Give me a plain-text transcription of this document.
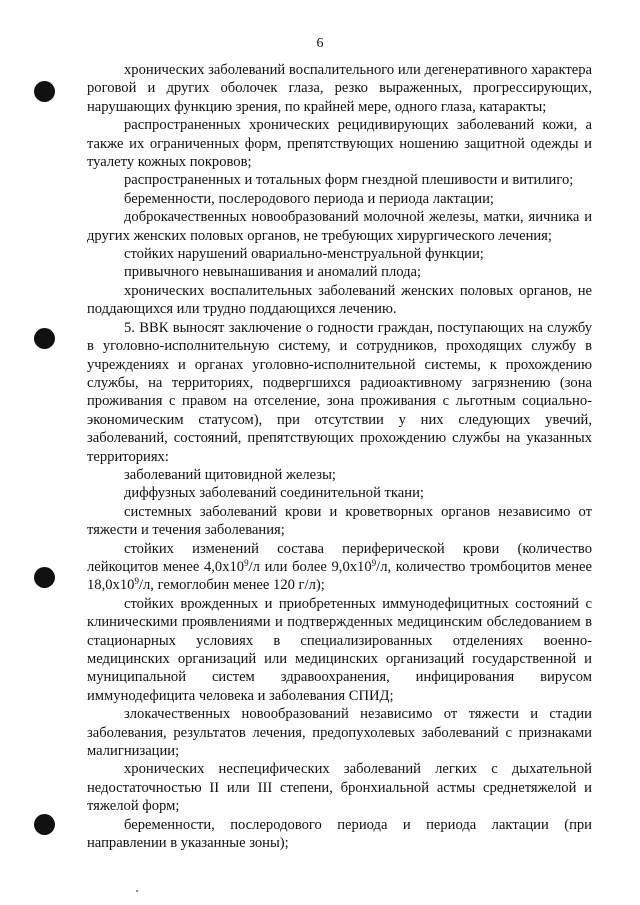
6

хронических заболеваний воспалительного или дегенеративного характера роговой и других оболочек глаза, резко выраженных, прогрессирующих, нарушающих функцию зрения, по крайней мере, одного глаза, катаракты;

распространенных хронических рецидивирующих заболеваний кожи, а также их ограниченных форм, препятствующих ношению защитной одежды и туалету кожных покровов;

распространенных и тотальных форм гнездной плешивости и витилиго;

беременности, послеродового периода и периода лактации;

доброкачественных новообразований молочной железы, матки, яичника и других женских половых органов, не требующих хирургического лечения;

стойких нарушений овариально-менструальной функции;

привычного невынашивания и аномалий плода;

хронических воспалительных заболеваний женских половых органов, не поддающихся или трудно поддающихся лечению.

5. ВВК выносят заключение о годности граждан, поступающих на службу в уголовно-исполнительную систему, и сотрудников, проходящих службу в учреждениях и органах уголовно-исполнительной системы, к прохождению службы, на территориях, подвергшихся радиоактивному загрязнению (зона проживания с правом на отселение, зона проживания с льготным социально-экономическим статусом), при отсутствии у них следующих увечий, заболеваний, состояний, препятствующих прохождению службы на указанных территориях:

заболеваний щитовидной железы;

диффузных заболеваний соединительной ткани;

системных заболеваний крови и кроветворных органов независимо от тяжести и течения заболевания;

стойких изменений состава периферической крови (количество лейкоцитов менее $4,0x10^9/л$ или более $9,0x10^9/л$, количество тромбоцитов менее $18,0x10^9/л$, гемоглобин менее 120 г/л);

стойких врожденных и приобретенных иммунодефицитных состояний с клиническими проявлениями и подтвержденных медицинским обследованием в стационарных условиях в специализированных отделениях военно-медицинских организаций или медицинских организаций государственной и муниципальной систем здравоохранения, инфицирования вирусом иммунодефицита человека и заболевания СПИД;

злокачественных новообразований независимо от тяжести и стадии заболевания, результатов лечения, предопухолевых заболеваний с признаками малигнизации;

хронических неспецифических заболеваний легких с дыхательной недостаточностью II или III степени, бронхиальной астмы среднетяжелой и тяжелой форм;

беременности, послеродового периода и периода лактации (при направлении в указанные зоны);
